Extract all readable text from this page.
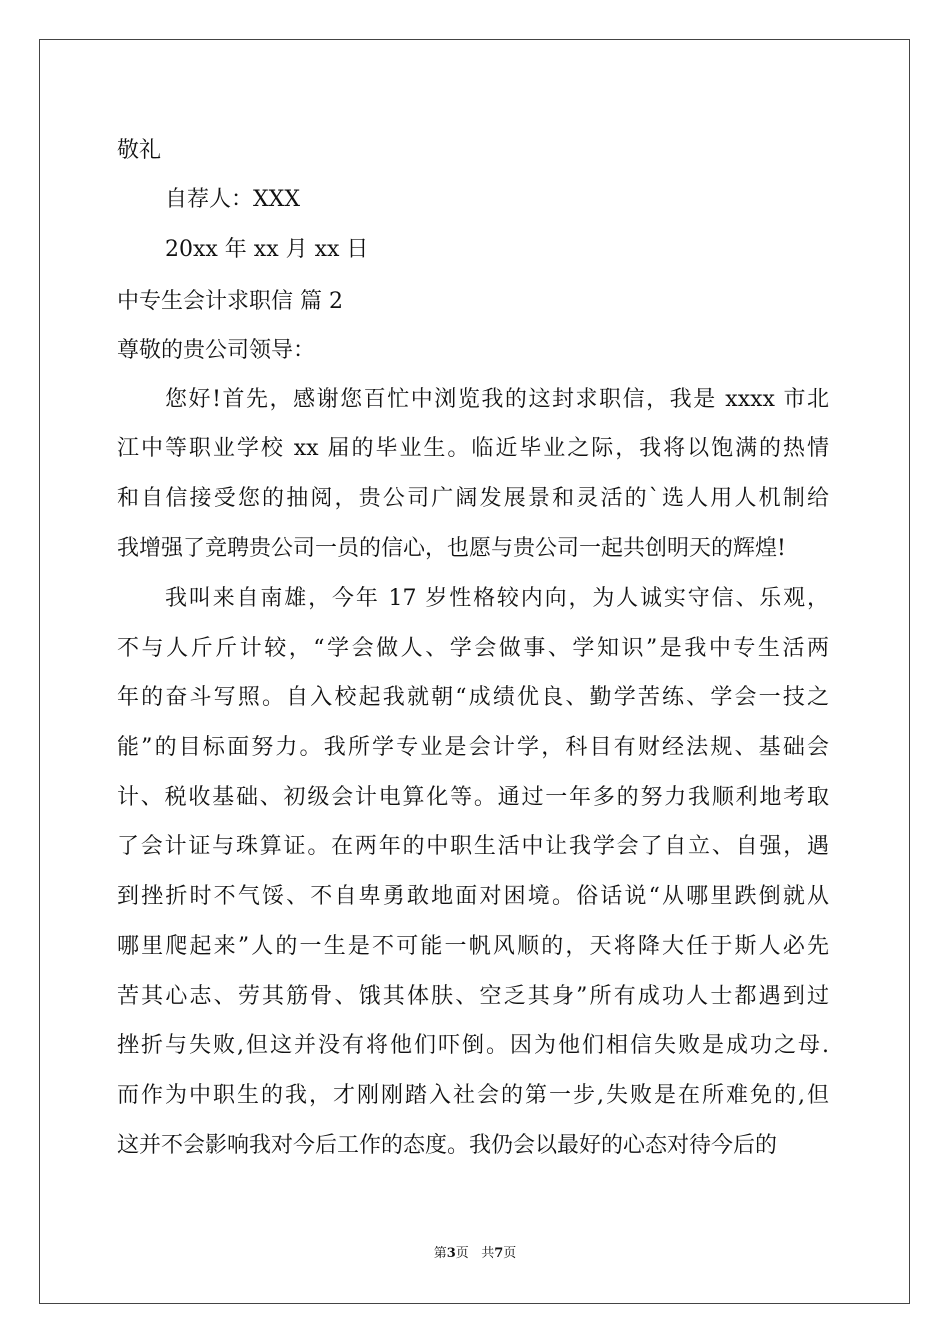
敬礼
自荐人：XXX
20xx 年 xx 月 xx 日
中专生会计求职信 篇 2
尊敬的贵公司领导：
您好!首先，感谢您百忙中浏览我的这封求职信，我是 xxxx 市北
江中等职业学校 xx 届的毕业生。临近毕业之际，我将以饱满的热情
和自信接受您的抽阅，贵公司广阔发展景和灵活的`选人用人机制给
我增强了竞聘贵公司一员的信心，也愿与贵公司一起共创明天的辉煌!
我叫来自南雄，今年 17 岁性格较内向，为人诚实守信、乐观，
不与人斤斤计较，“学会做人、学会做事、学知识”是我中专生活两
年的奋斗写照。自入校起我就朝“成绩优良、勤学苦练、学会一技之
能”的目标面努力。我所学专业是会计学，科目有财经法规、基础会
计、税收基础、初级会计电算化等。通过一年多的努力我顺利地考取
了会计证与珠算证。在两年的中职生活中让我学会了自立、自强，遇
到挫折时不气馁、不自卑勇敢地面对困境。俗话说“从哪里跌倒就从
哪里爬起来”人的一生是不可能一帆风顺的，天将降大任于斯人必先
苦其心志、劳其筋骨、饿其体肤、空乏其身”所有成功人士都遇到过
挫折与失败,但这并没有将他们吓倒。因为他们相信失败是成功之母.
而作为中职生的我，才刚刚踏入社会的第一步,失败是在所难免的,但
这并不会影响我对今后工作的态度。我仍会以最好的心态对待今后的
第3页   共7页
